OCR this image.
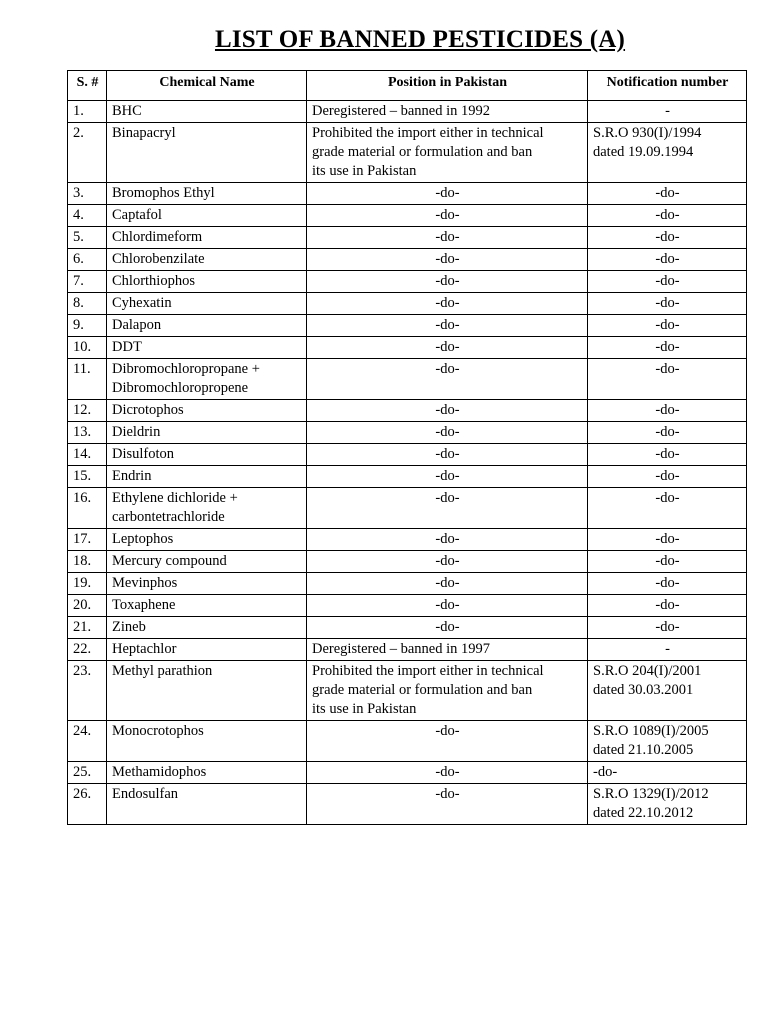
LIST OF BANNED PESTICIDES (A)
S. #	Chemical Name	Position in Pakistan	Notification number
1.	BHC	Deregistered – banned in 1992	-

2.	Binapacryl	Prohibited the import either in technical
grade material or formulation and ban
its use in Pakistan	S.R.O 930(I)/1994
dated 19.09.1994

3.	Bromophos Ethyl	-do-	-do-

4.	Captafol	-do-	-do-

5.	Chlordimeform	-do-	-do-

6.	Chlorobenzilate	-do-	-do-

7.	Chlorthiophos	-do-	-do-

8.	Cyhexatin	-do-	-do-

9.	Dalapon	-do-	-do-

10.	DDT	-do-	-do-

11.	Dibromochloropropane +
Dibromochloropropene	-do-	-do-

12.	Dicrotophos	-do-	-do-

13.	Dieldrin	-do-	-do-

14.	Disulfoton	-do-	-do-

15.	Endrin	-do-	-do-

16.	Ethylene dichloride +
carbontetrachloride	-do-	-do-

17.	Leptophos	-do-	-do-

18.	Mercury compound	-do-	-do-

19.	Mevinphos	-do-	-do-

20.	Toxaphene	-do-	-do-

21.	Zineb	-do-	-do-

22.	Heptachlor	Deregistered – banned in 1997	-

23.	Methyl parathion	Prohibited the import either in technical
grade material or formulation and ban
its use in Pakistan	S.R.O 204(I)/2001
dated 30.03.2001

24.	Monocrotophos	-do-	S.R.O 1089(I)/2005
dated 21.10.2005

25.	Methamidophos	-do-	-do-

26.	Endosulfan	-do-	S.R.O 1329(I)/2012
dated 22.10.2012
